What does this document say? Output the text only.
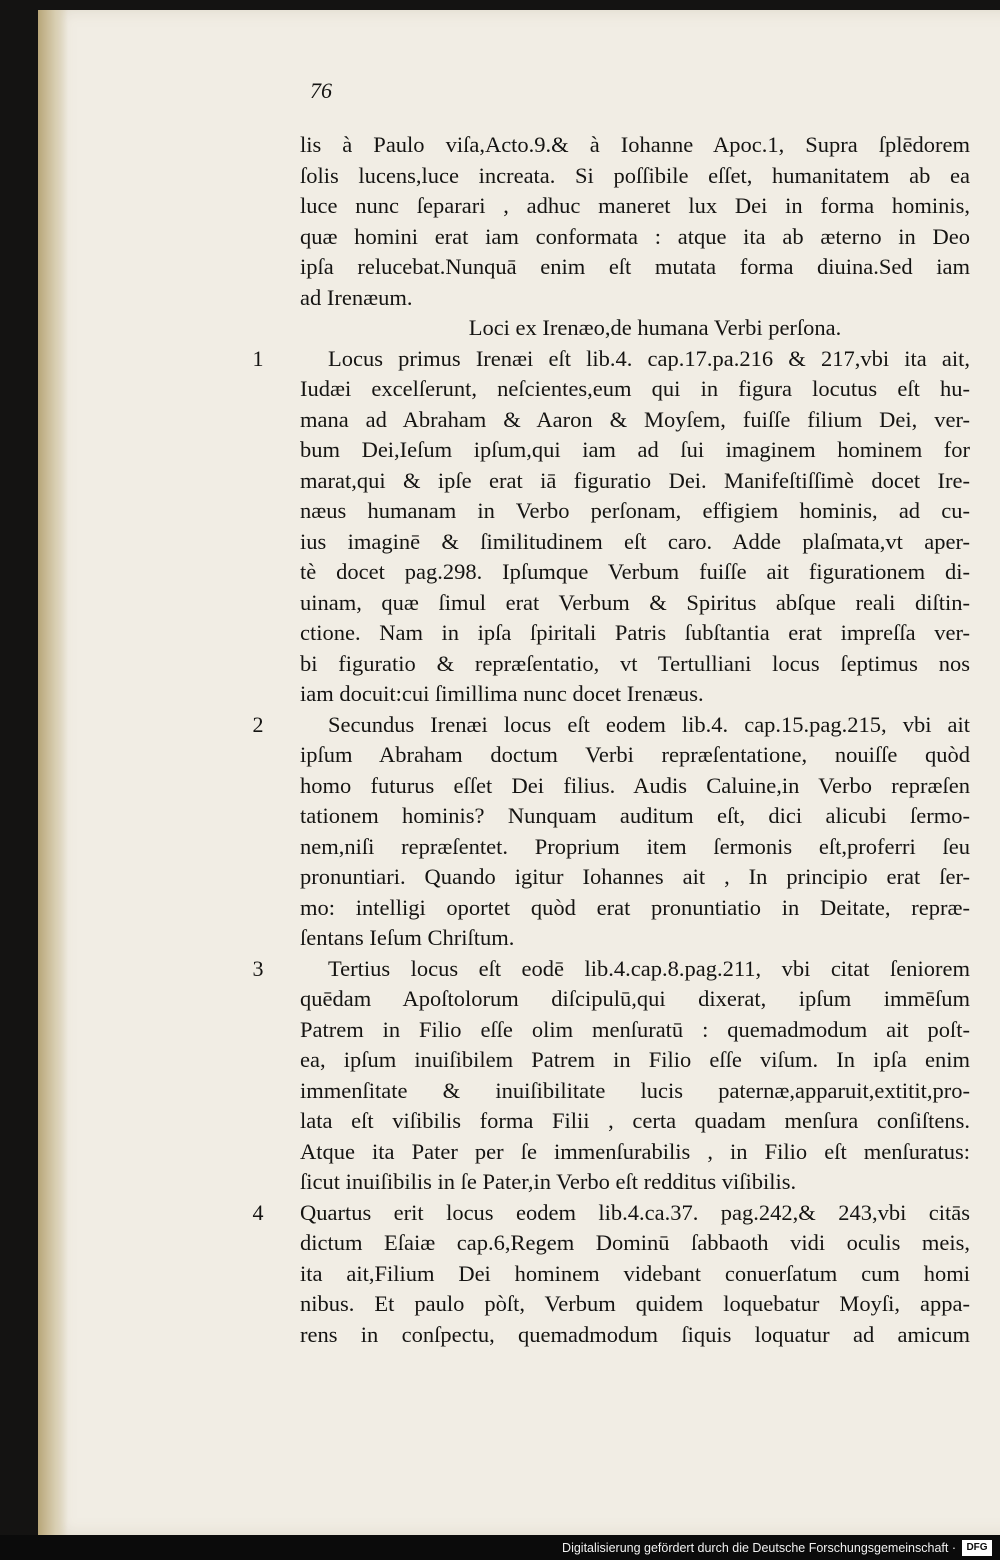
76
lis à Paulo viſa,Actο.9.& à Iohanne Apoc.1, Supra ſplēdorem
ſolis lucens,luce increata. Si poſſibile eſſet, humanitatem ab ea
luce nunc ſeparari , adhuc maneret lux Dei in forma hominis,
quæ homini erat iam conformata : atque ita ab æterno in Deo
ipſa relucebat.Nunquā enim eſt mutata forma diuina.Sed iam
ad Irenæum.
Loci ex Irenæo,de humana Verbi perſona.
1	Locus primus Irenæi eſt lib.4. cap.17.pa.216 & 217,vbi ita ait,
Iudæi excelſerunt, neſcientes,eum qui in figura locutus eſt hu-
mana ad Abraham & Aaron & Moyſem, fuiſſe filium Dei, ver-
bum Dei,Ieſum ipſum,qui iam ad ſui imaginem hominem for
marat,qui & ipſe erat iā figuratio Dei. Manifeſtiſſimè docet Ire-
næus humanam in Verbo perſonam, effigiem hominis, ad cu-
ius imaginē & ſimilitudinem eſt caro. Adde plaſmata,vt aper-
tè docet pag.298. Ipſumque Verbum fuiſſe ait figurationem di-
uinam, quæ ſimul erat Verbum & Spiritus abſque reali diſtin-
ctione. Nam in ipſa ſpiritali Patris ſubſtantia erat impreſſa ver-
bi figuratio & repræſentatio, vt Tertulliani locus ſeptimus nos
iam docuit:cui ſimillima nunc docet Irenæus.
2	Secundus Irenæi locus eſt eodem lib.4. cap.15.pag.215, vbi ait
ipſum Abraham doctum Verbi repræſentatione, nouiſſe quòd
homo futurus eſſet Dei filius. Audis Caluine,in Verbo repræſen
tationem hominis? Nunquam auditum eſt, dici alicubi ſermo-
nem,niſi repræſentet. Proprium item ſermonis eſt,proferri ſeu
pronuntiari. Quando igitur Iohannes ait , In principio erat ſer-
mo: intelligi oportet quòd erat pronuntiatio in Deitate, repræ-
ſentans Ieſum Chriſtum.
3	Tertius locus eſt eodē lib.4.cap.8.pag.211, vbi citat ſeniorem
quēdam Apoſtolorum diſcipulū,qui dixerat, ipſum immēſum
Patrem in Filio eſſe olim menſuratū : quemadmodum ait poſt-
ea, ipſum inuiſibilem Patrem in Filio eſſe viſum. In ipſa enim
immenſitate & inuiſibilitate lucis paternæ,apparuit,extitit,pro-
lata eſt viſibilis forma Filii , certa quadam menſura conſiſtens.
Atque ita Pater per ſe immenſurabilis , in Filio eſt menſuratus:
ſicut inuiſibilis in ſe Pater,in Verbo eſt redditus viſibilis.
4 Quartus erit locus eodem lib.4.ca.37. pag.242,& 243,vbi citās
dictum Eſaiæ cap.6,Regem Dominū ſabbaoth vidi oculis meis,
ita ait,Filium Dei hominem videbant conuerſatum cum homi
nibus. Et paulo pòſt, Verbum quidem loquebatur Moyſi, appa-
rens in conſpectu, quemadmodum ſiquis loquatur ad amicum
Digitalisierung gefördert durch die Deutsche Forschungsgemeinschaft ·	DFG
